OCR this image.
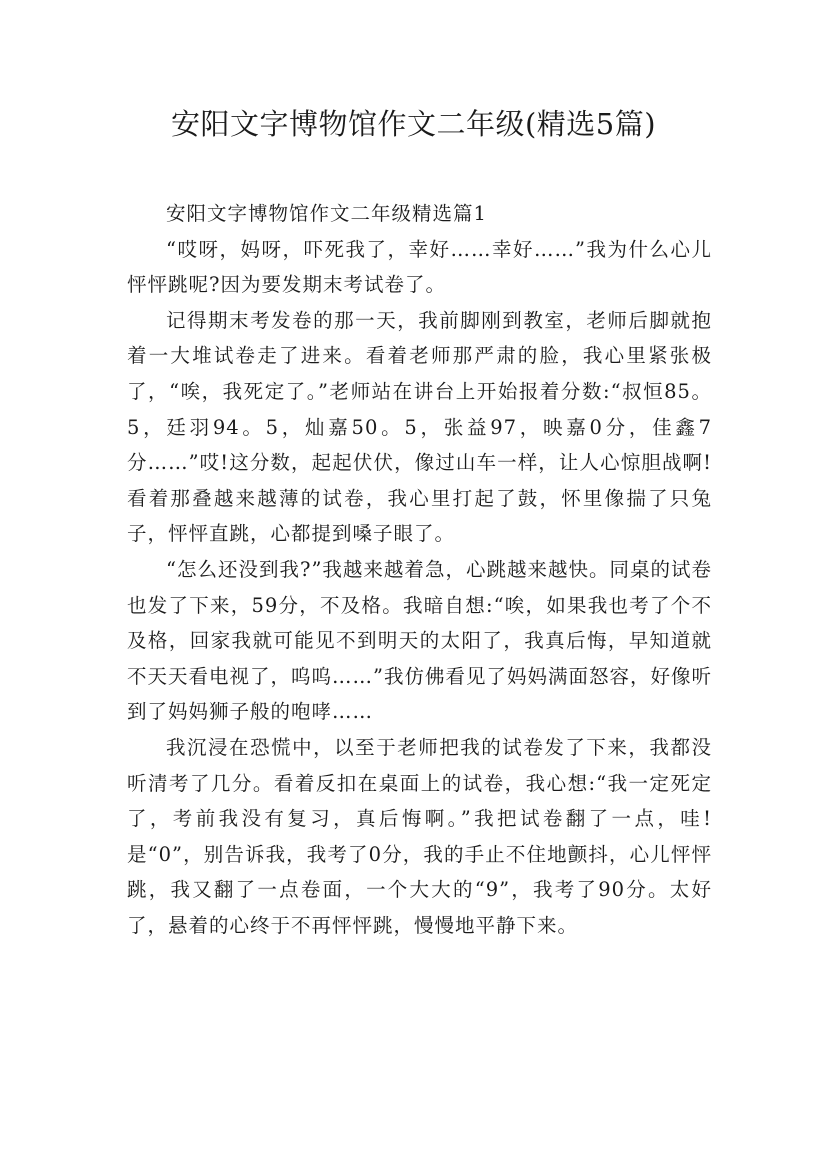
安阳文字博物馆作文二年级(精选5篇)

安阳文字博物馆作文二年级精选篇1

“哎呀，妈呀，吓死我了，幸好……幸好……”我为什么心儿怦怦跳呢?因为要发期末考试卷了。

记得期末考发卷的那一天，我前脚刚到教室，老师后脚就抱着一大堆试卷走了进来。看着老师那严肃的脸，我心里紧张极了，“唉，我死定了。”老师站在讲台上开始报着分数:“叔恒85。5，廷羽94。5，灿嘉50。5，张益97，映嘉0分，佳鑫7分……”哎!这分数，起起伏伏，像过山车一样，让人心惊胆战啊!看着那叠越来越薄的试卷，我心里打起了鼓，怀里像揣了只兔子，怦怦直跳，心都提到嗓子眼了。

“怎么还没到我?”我越来越着急，心跳越来越快。同桌的试卷也发了下来，59分，不及格。我暗自想:“唉，如果我也考了个不及格，回家我就可能见不到明天的太阳了，我真后悔，早知道就不天天看电视了，呜呜……”我仿佛看见了妈妈满面怒容，好像听到了妈妈狮子般的咆哮……

我沉浸在恐慌中，以至于老师把我的试卷发了下来，我都没听清考了几分。看着反扣在桌面上的试卷，我心想:“我一定死定了，考前我没有复习，真后悔啊。”我把试卷翻了一点，哇!是“0”，别告诉我，我考了0分，我的手止不住地颤抖，心儿怦怦跳，我又翻了一点卷面，一个大大的“9”，我考了90分。太好了，悬着的心终于不再怦怦跳，慢慢地平静下来。
